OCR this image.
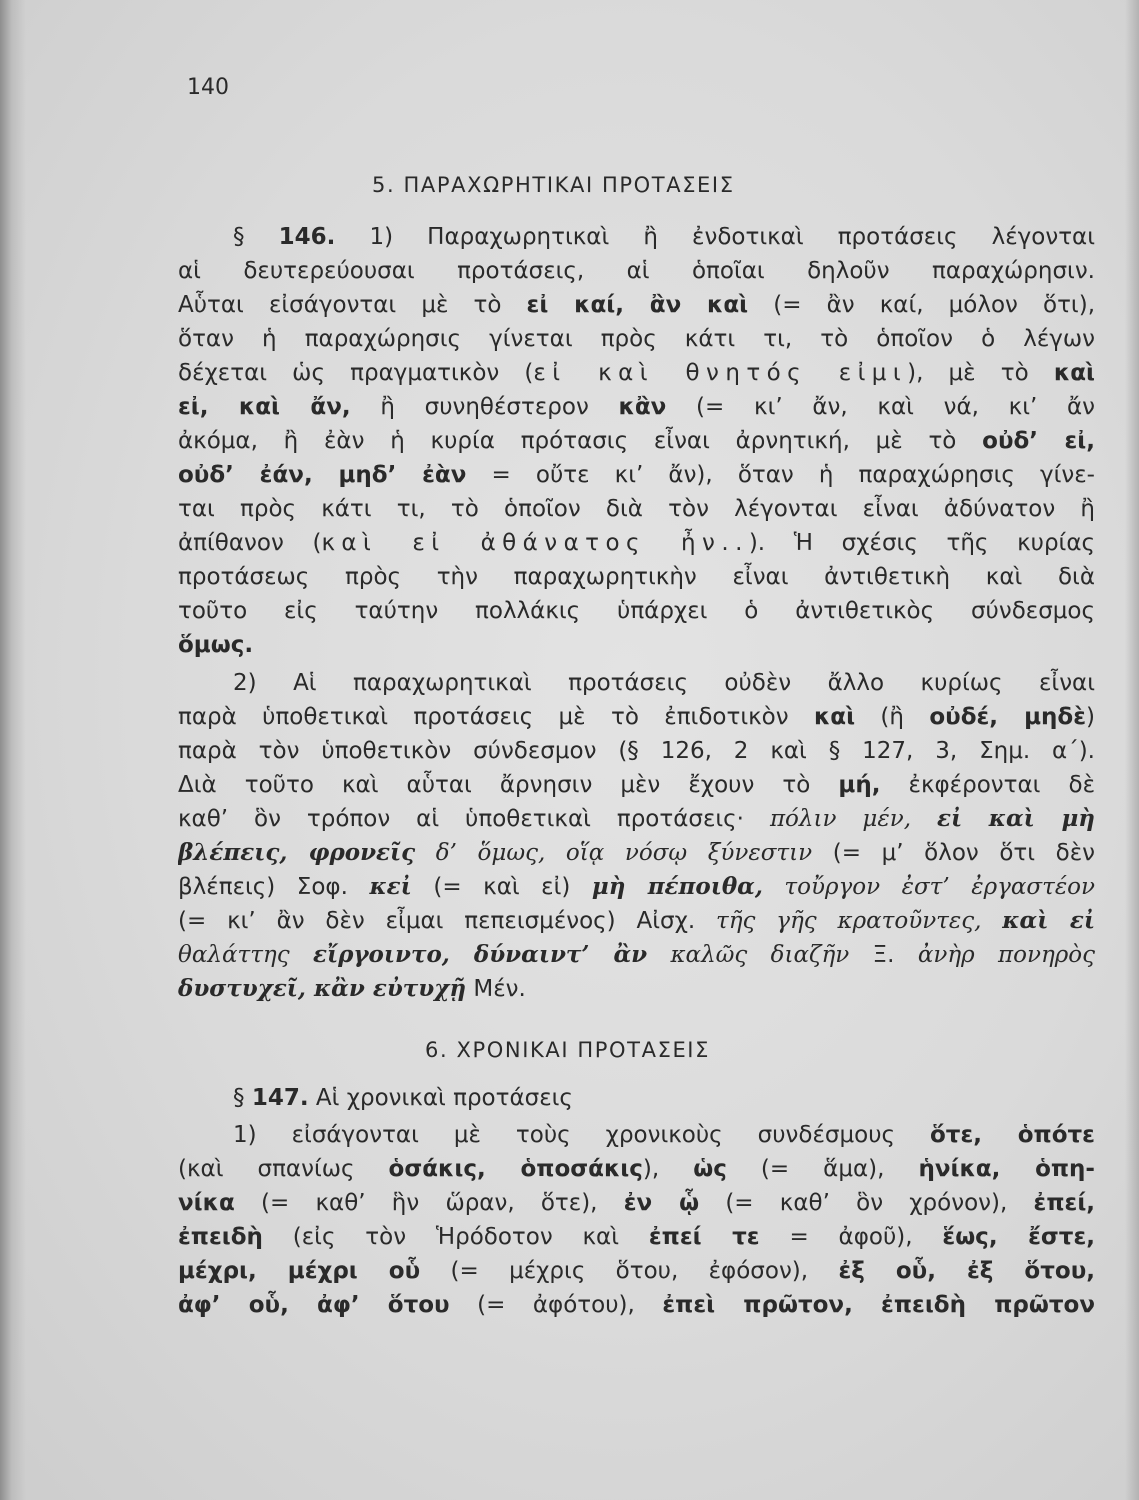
140
5. ΠΑΡΑΧΩΡΗΤΙΚΑΙ ΠΡΟΤΑΣΕΙΣ
§ 146. 1) Παραχωρητικαὶ ἢ ἐνδοτικαὶ προτάσεις λέγονται
αἱ δευτερεύουσαι προτάσεις, αἱ ὁποῖαι δηλοῦν παραχώρησιν.
Αὗται εἰσάγονται μὲ τὸ εἰ καί, ἂν καὶ (= ἂν καί, μόλον ὅτι),
ὅταν ἡ παραχώρησις γίνεται πρὸς κάτι τι, τὸ ὁποῖον ὁ λέγων
δέχεται ὡς πραγματικὸν (εἰ καὶ θνητός εἰμι), μὲ τὸ καὶ
εἰ, καὶ ἄν, ἢ συνηθέστερον κἂν (= κι’ ἄν, καὶ νά, κι’ ἄν
ἀκόμα, ἢ ἐὰν ἡ κυρία πρότασις εἶναι ἀρνητική, μὲ τὸ οὐδ’ εἰ,
οὐδ’ ἐάν, μηδ’ ἐὰν = οὔτε κι’ ἄν), ὅταν ἡ παραχώρησις γίνε-
ται πρὸς κάτι τι, τὸ ὁποῖον διὰ τὸν λέγονται εἶναι ἀδύνατον ἢ
ἀπίθανον (καὶ εἰ ἀθάνατος ἦν..). Ἡ σχέσις τῆς κυρίας
προτάσεως πρὸς τὴν παραχωρητικὴν εἶναι ἀντιθετικὴ καὶ διὰ
τοῦτο εἰς ταύτην πολλάκις ὑπάρχει ὁ ἀντιθετικὸς σύνδεσμος
ὅμως.
2) Αἱ παραχωρητικαὶ προτάσεις οὐδὲν ἄλλο κυρίως εἶναι
παρὰ ὑποθετικαὶ προτάσεις μὲ τὸ ἐπιδοτικὸν καὶ (ἢ οὐδέ, μηδὲ)
παρὰ τὸν ὑποθετικὸν σύνδεσμον (§ 126, 2 καὶ § 127, 3, Σημ. α΄).
Διὰ τοῦτο καὶ αὗται ἄρνησιν μὲν ἔχουν τὸ μή, ἐκφέρονται δὲ
καθ’ ὃν τρόπον αἱ ὑποθετικαὶ προτάσεις· πόλιν μέν, εἰ καὶ μὴ
βλέπεις, φρονεῖς δ’ ὅμως, οἵᾳ νόσῳ ξύνεστιν (= μ’ ὅλον ὅτι δὲν
βλέπεις) Σοφ. κεἰ (= καὶ εἰ) μὴ πέποιθα, τοὔργον ἐστ’ ἐργαστέον
(= κι’ ἂν δὲν εἶμαι πεπεισμένος) Αἰσχ. τῆς γῆς κρατοῦντες, καὶ εἰ
θαλάττης εἴργοιντο, δύναιντ’ ἂν καλῶς διαζῆν Ξ. ἀνὴρ πονηρὸς
δυστυχεῖ, κἂν εὐτυχῇ Μέν.
6. ΧΡΟΝΙΚΑΙ ΠΡΟΤΑΣΕΙΣ
§ 147. Αἱ χρονικαὶ προτάσεις
1) εἰσάγονται μὲ τοὺς χρονικοὺς συνδέσμους ὅτε, ὁπότε
(καὶ σπανίως ὁσάκις, ὁποσάκις), ὡς (= ἅμα), ἡνίκα, ὁπη-
νίκα (= καθ’ ἣν ὥραν, ὅτε), ἐν ᾧ (= καθ’ ὃν χρόνον), ἐπεί,
ἐπειδὴ (εἰς τὸν Ἡρόδοτον καὶ ἐπεί τε = ἀφοῦ), ἕως, ἔστε,
μέχρι, μέχρι οὗ (= μέχρις ὅτου, ἐφόσον), ἐξ οὗ, ἐξ ὅτου,
ἀφ’ οὗ, ἀφ’ ὅτου (= ἀφότου), ἐπεὶ πρῶτον, ἐπειδὴ πρῶτον
